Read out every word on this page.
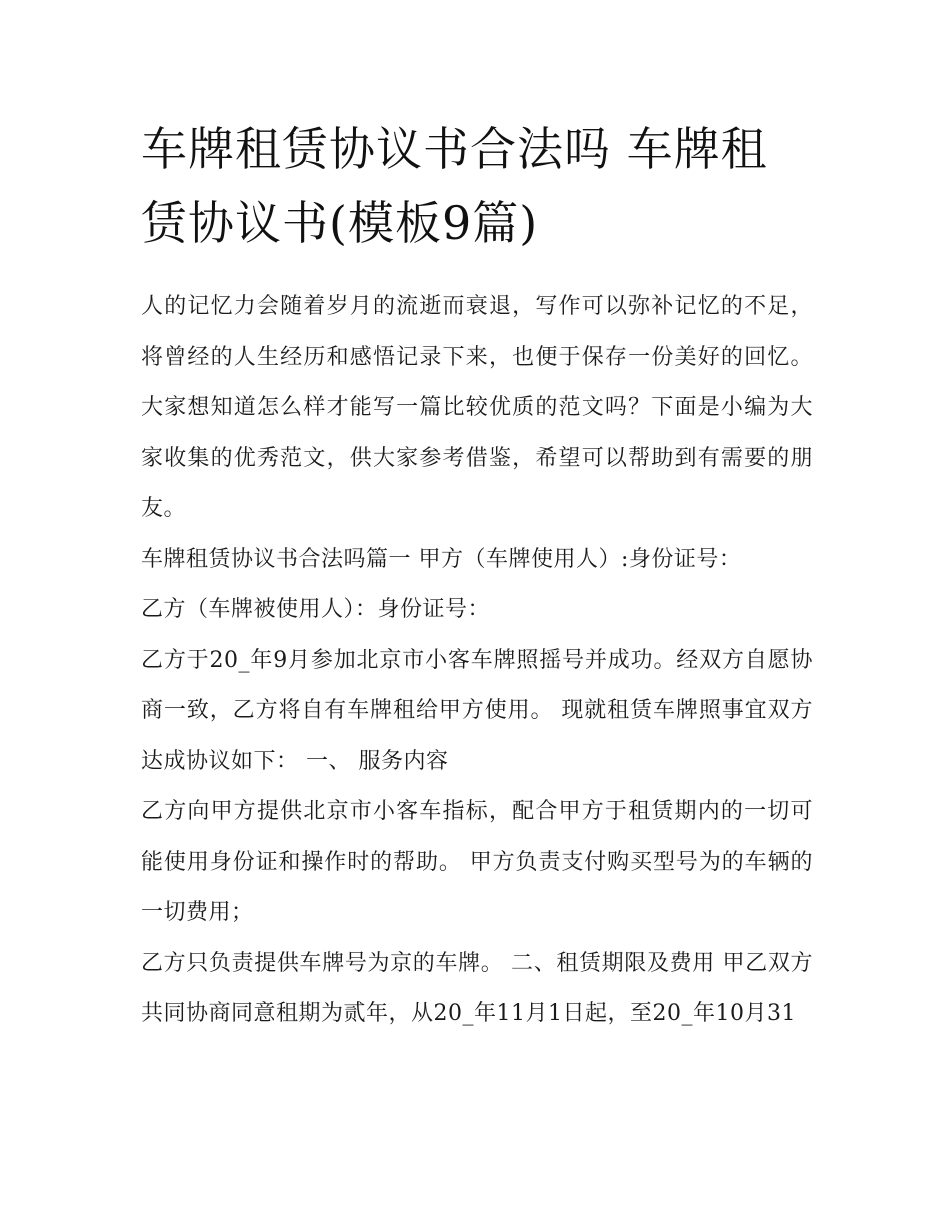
车牌租赁协议书合法吗 车牌租赁协议书(模板9篇)

人的记忆力会随着岁月的流逝而衰退，写作可以弥补记忆的不足，将曾经的人生经历和感悟记录下来，也便于保存一份美好的回忆。大家想知道怎么样才能写一篇比较优质的范文吗？下面是小编为大家收集的优秀范文，供大家参考借鉴，希望可以帮助到有需要的朋友。

车牌租赁协议书合法吗篇一 甲方（车牌使用人）:身份证号：

乙方（车牌被使用人）：身份证号：

乙方于20_年9月参加北京市小客车牌照摇号并成功。经双方自愿协商一致，乙方将自有车牌租给甲方使用。 现就租赁车牌照事宜双方达成协议如下： 一、 服务内容

乙方向甲方提供北京市小客车指标，配合甲方于租赁期内的一切可能使用身份证和操作时的帮助。 甲方负责支付购买型号为的车辆的一切费用；

乙方只负责提供车牌号为京的车牌。 二、租赁期限及费用 甲乙双方共同协商同意租期为贰年，从20_年11月1日起，至20_年10月31
